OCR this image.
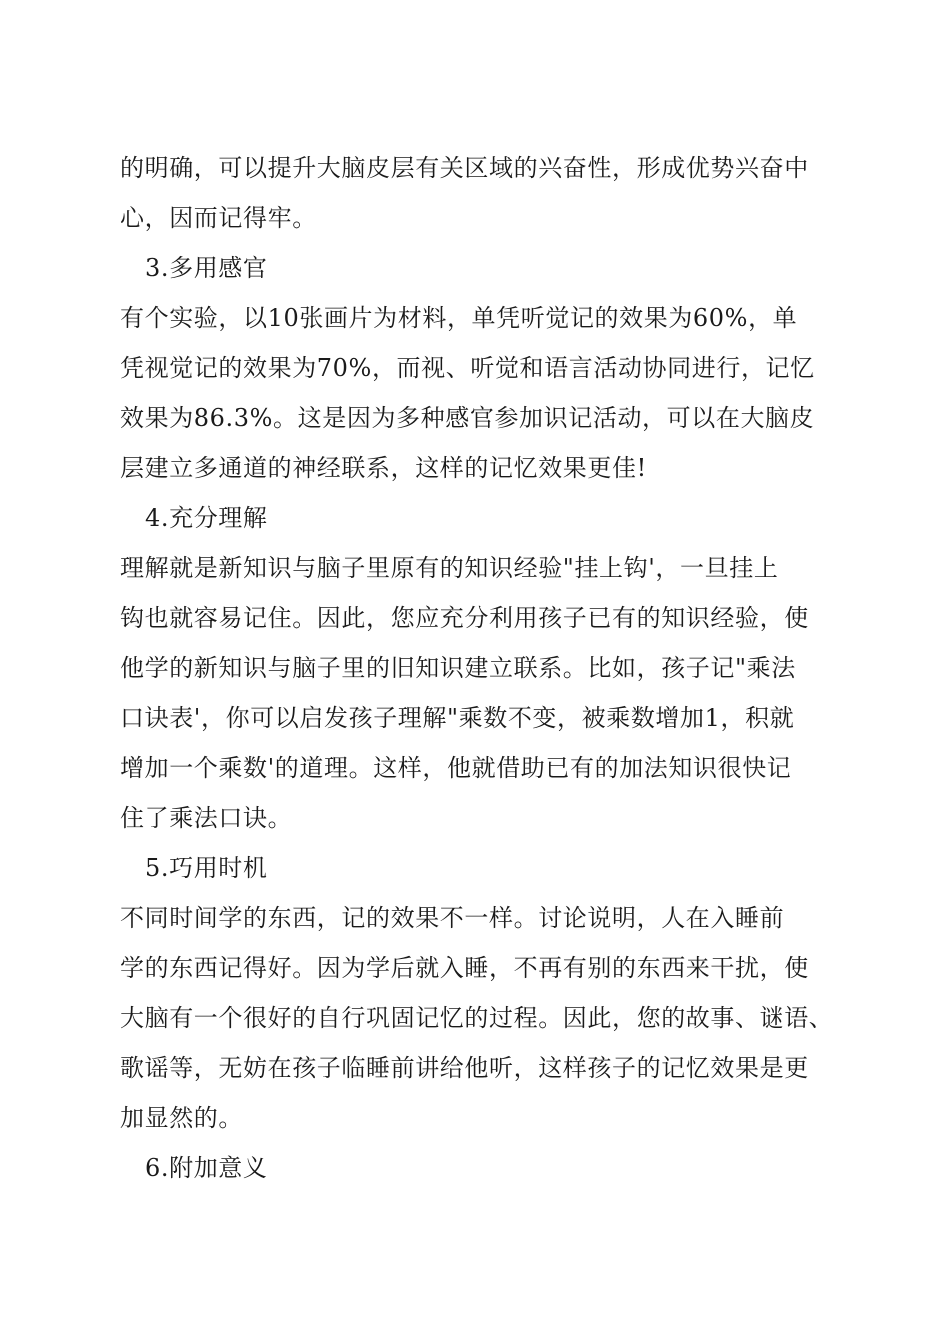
的明确，可以提升大脑皮层有关区域的兴奋性，形成优势兴奋中
心，因而记得牢。
3.多用感官
有个实验，以10张画片为材料，单凭听觉记的效果为60%，单
凭视觉记的效果为70%，而视、听觉和语言活动协同进行，记忆
效果为86.3%。这是因为多种感官参加识记活动，可以在大脑皮
层建立多通道的神经联系，这样的记忆效果更佳!
4.充分理解
理解就是新知识与脑子里原有的知识经验"挂上钩'，一旦挂上
钩也就容易记住。因此，您应充分利用孩子已有的知识经验，使
他学的新知识与脑子里的旧知识建立联系。比如，孩子记"乘法
口诀表'，你可以启发孩子理解"乘数不变，被乘数增加1，积就
增加一个乘数'的道理。这样，他就借助已有的加法知识很快记
住了乘法口诀。
5.巧用时机
不同时间学的东西，记的效果不一样。讨论说明，人在入睡前
学的东西记得好。因为学后就入睡，不再有别的东西来干扰，使
大脑有一个很好的自行巩固记忆的过程。因此，您的故事、谜语、
歌谣等，无妨在孩子临睡前讲给他听，这样孩子的记忆效果是更
加显然的。
6.附加意义
